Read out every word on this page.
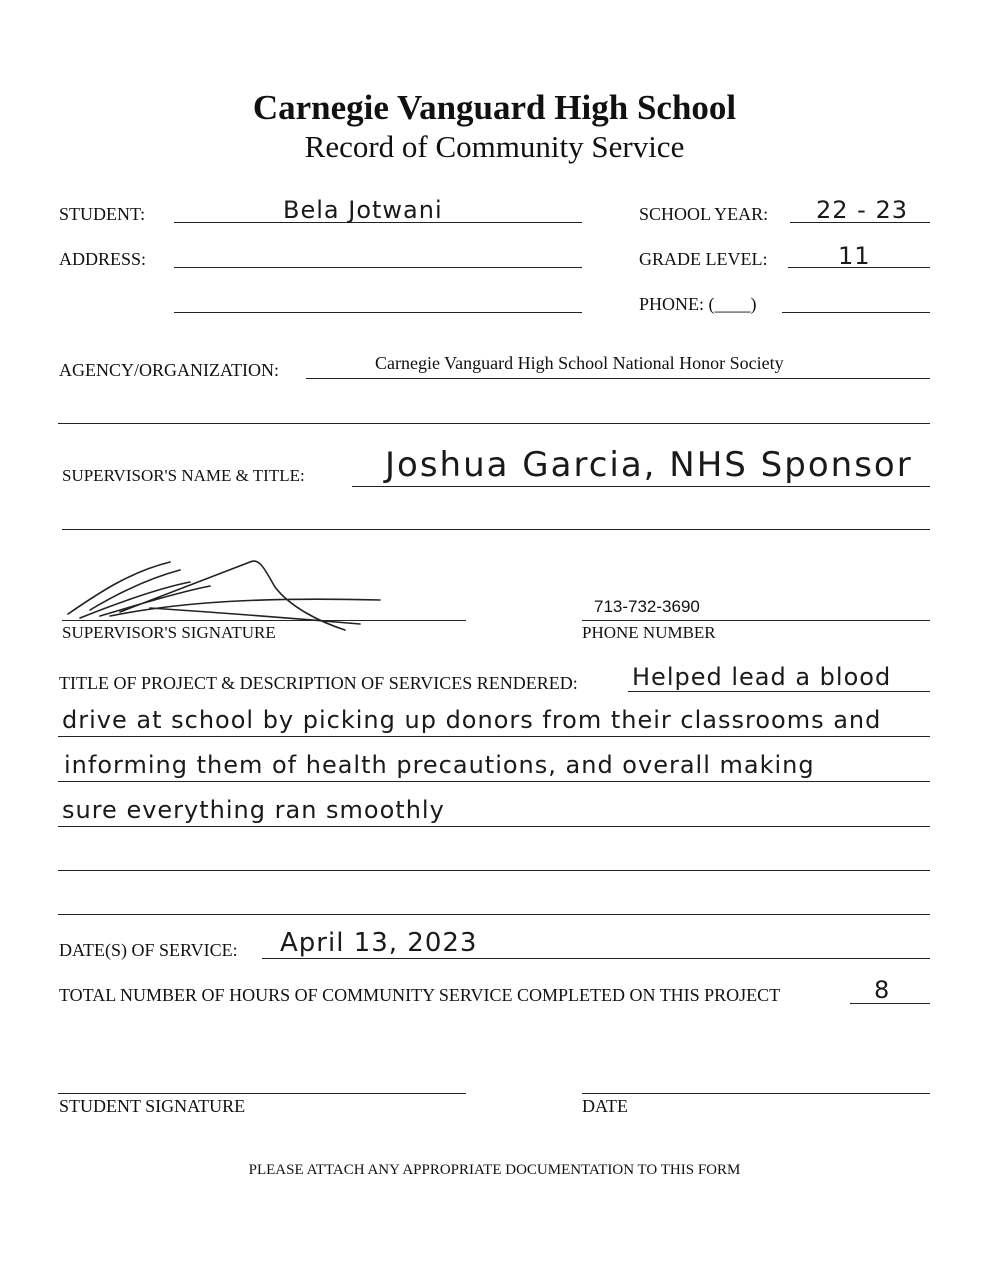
Carnegie Vanguard High School
Record of Community Service
STUDENT:	Bela Jotwani	SCHOOL YEAR: 22 - 23
ADDRESS:	GRADE LEVEL:	11
PHONE: (____)
AGENCY/ORGANIZATION:	Carnegie Vanguard High School National Honor Society
SUPERVISOR'S NAME & TITLE: Joshua Garcia, NHS Sponsor
SUPERVISOR'S SIGNATURE
713-732-3690
PHONE NUMBER
TITLE OF PROJECT & DESCRIPTION OF SERVICES RENDERED: Helped lead a blood
drive at school by picking up donors from their classrooms and
informing them of health precautions, and overall making
sure everything ran smoothly
DATE(S) OF SERVICE: April 13, 2023
TOTAL NUMBER OF HOURS OF COMMUNITY SERVICE COMPLETED ON THIS PROJECT	8
STUDENT SIGNATURE	DATE
PLEASE ATTACH ANY APPROPRIATE DOCUMENTATION TO THIS FORM
